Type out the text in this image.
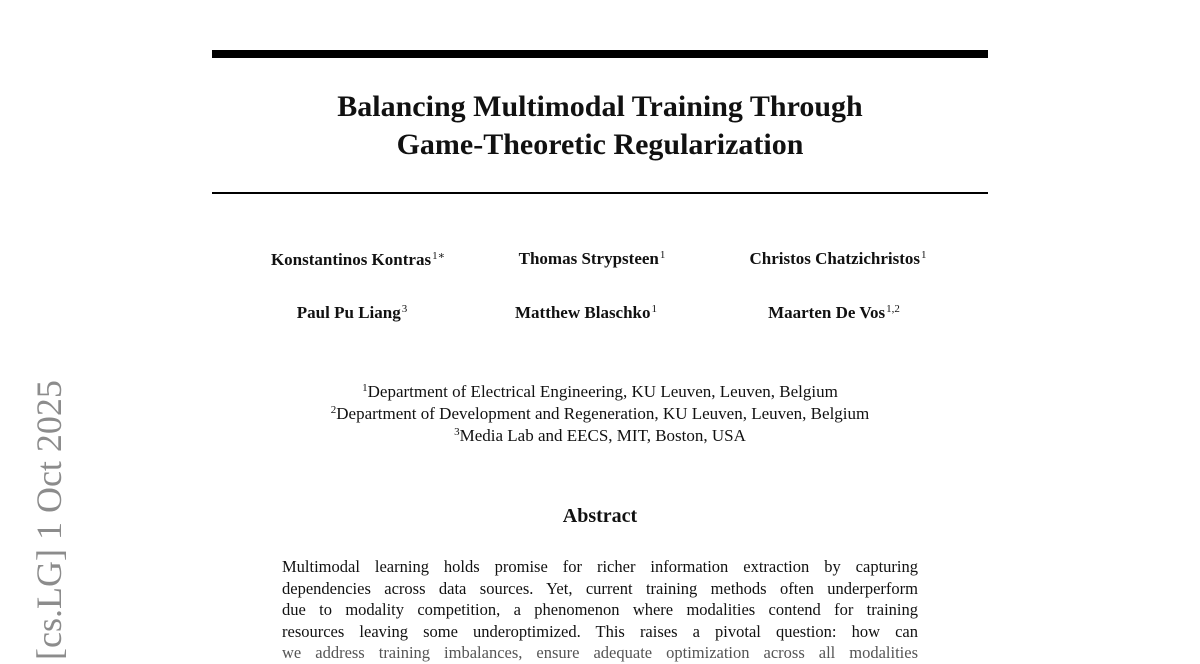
Balancing Multimodal Training Through
Game-Theoretic Regularization
Konstantinos Kontras$^{1∗}$	Thomas Strypsteen$^1$	Christos Chatzichristos$^1$
Paul Pu Liang$^3$	Matthew Blaschko$^1$	Maarten De Vos$^{1,2}$
$^1$Department of Electrical Engineering, KU Leuven, Leuven, Belgium
$^2$Department of Development and Regeneration, KU Leuven, Leuven, Belgium
$^3$Media Lab and EECS, MIT, Boston, USA
Abstract
Multimodal learning holds promise for richer information extraction by capturing
dependencies across data sources. Yet, current training methods often underperform
due to modality competition, a phenomenon where modalities contend for training
resources leaving some underoptimized. This raises a pivotal question: how can
we address training imbalances, ensure adequate optimization across all modalities
[cs.LG] 1 Oct 2025
